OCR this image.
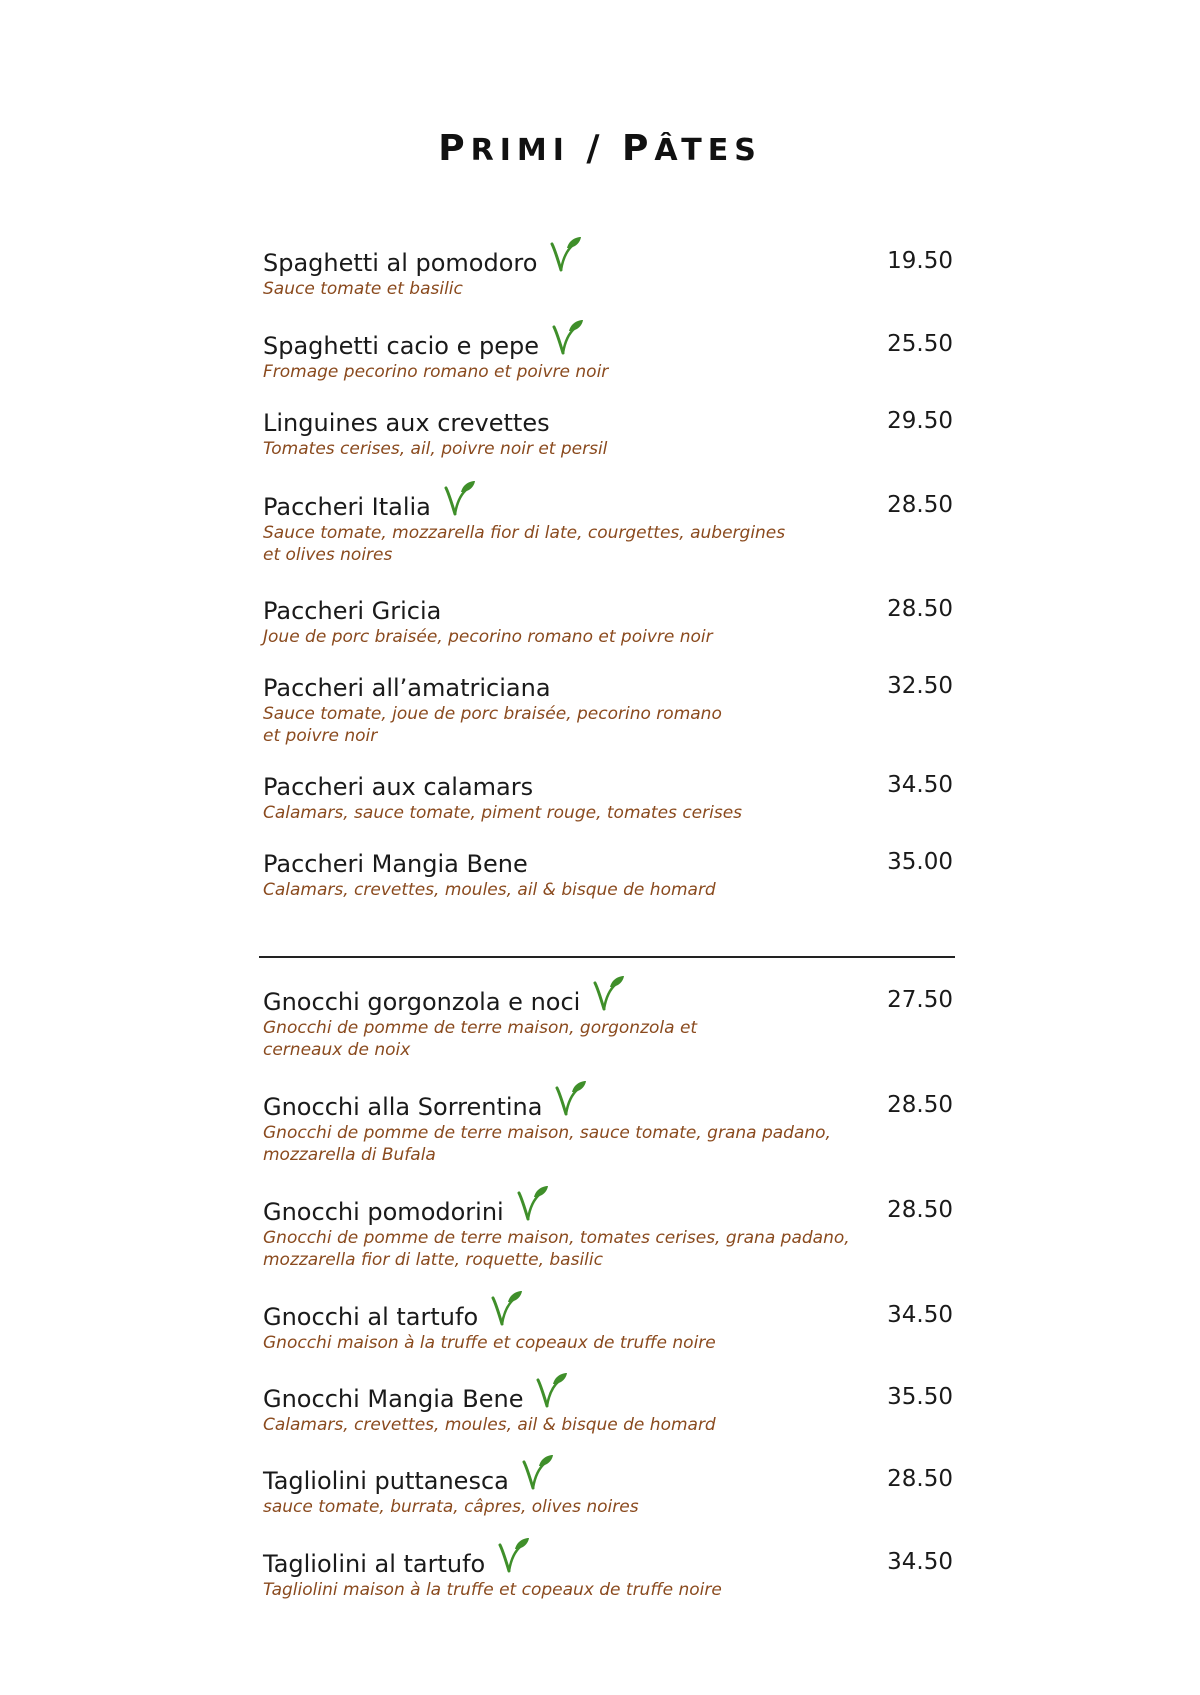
PRIMI / PÂTES
Spaghetti al pomodoro	19.50
Sauce tomate et basilic
Spaghetti cacio e pepe	25.50
Fromage pecorino romano et poivre noir
Linguines aux crevettes	29.50
Tomates cerises, ail, poivre noir et persil
Paccheri Italia	28.50
Sauce tomate, mozzarella fior di late, courgettes, aubergines
et olives noires
Paccheri Gricia	28.50
Joue de porc braisée, pecorino romano et poivre noir
Paccheri all’amatriciana	32.50
Sauce tomate, joue de porc braisée, pecorino romano
et poivre noir
Paccheri aux calamars	34.50
Calamars, sauce tomate, piment rouge, tomates cerises
Paccheri Mangia Bene	35.00
Calamars, crevettes, moules, ail & bisque de homard
Gnocchi gorgonzola e noci	27.50
Gnocchi de pomme de terre maison, gorgonzola et
cerneaux de noix
Gnocchi alla Sorrentina	28.50
Gnocchi de pomme de terre maison, sauce tomate, grana padano,
mozzarella di Bufala
Gnocchi pomodorini	28.50
Gnocchi de pomme de terre maison, tomates cerises, grana padano,
mozzarella fior di latte, roquette, basilic
Gnocchi al tartufo	34.50
Gnocchi maison à la truffe et copeaux de truffe noire
Gnocchi Mangia Bene	35.50
Calamars, crevettes, moules, ail & bisque de homard
Tagliolini puttanesca	28.50
sauce tomate, burrata, câpres, olives noires
Tagliolini al tartufo	34.50
Tagliolini maison à la truffe et copeaux de truffe noire
